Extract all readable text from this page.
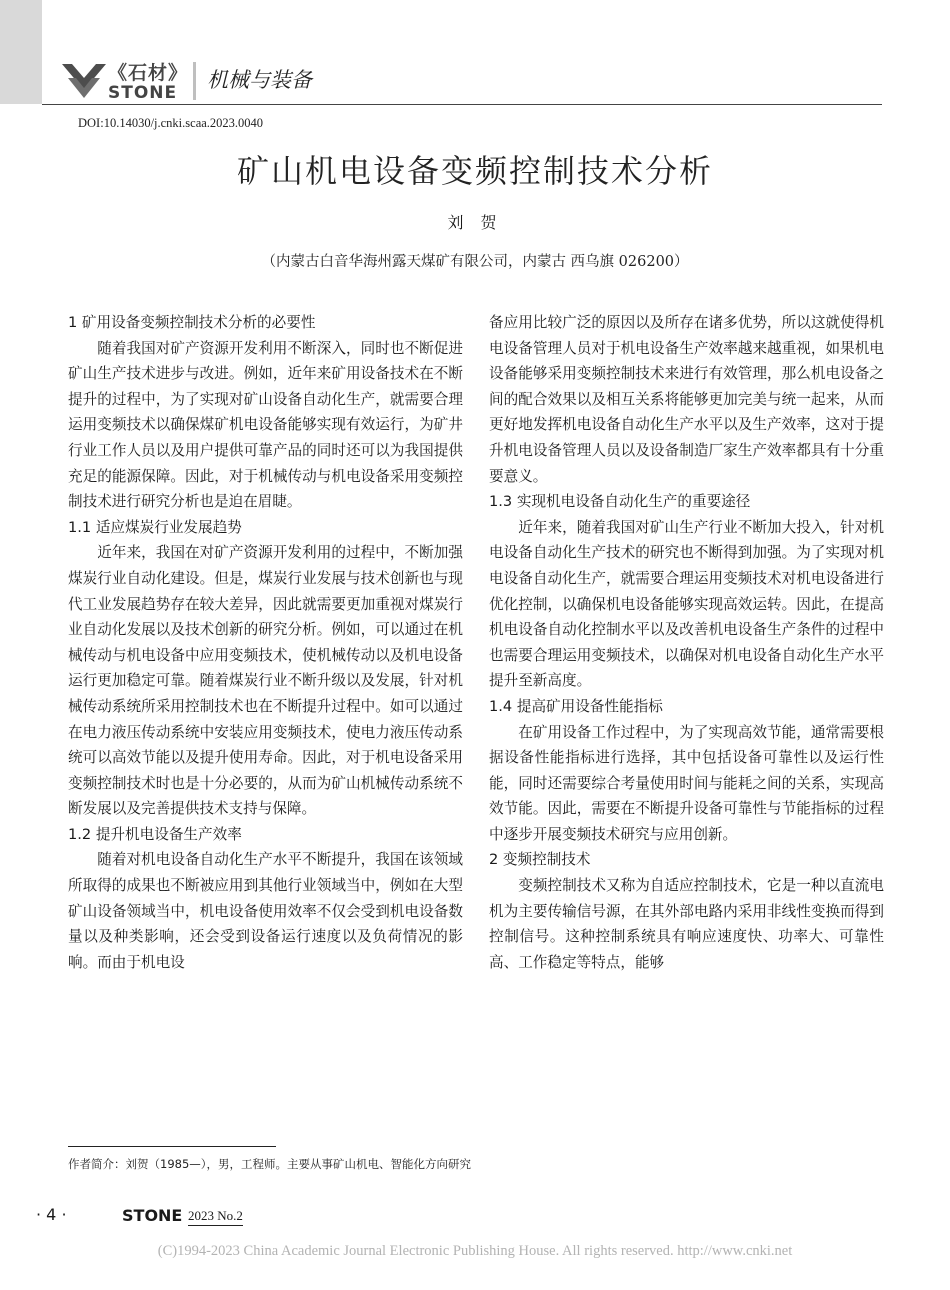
《石材》
STONE
机械与装备
DOI:10.14030/j.cnki.scaa.2023.0040
矿山机电设备变频控制技术分析
刘 贺
（内蒙古白音华海州露天煤矿有限公司，内蒙古 西乌旗 026200）
1 矿用设备变频控制技术分析的必要性

随着我国对矿产资源开发利用不断深入，同时也不断促进矿山生产技术进步与改进。例如，近年来矿用设备技术在不断提升的过程中，为了实现对矿山设备自动化生产，就需要合理运用变频技术以确保煤矿机电设备能够实现有效运行，为矿井行业工作人员以及用户提供可靠产品的同时还可以为我国提供充足的能源保障。因此，对于机械传动与机电设备采用变频控制技术进行研究分析也是迫在眉睫。

1.1 适应煤炭行业发展趋势

近年来，我国在对矿产资源开发利用的过程中，不断加强煤炭行业自动化建设。但是，煤炭行业发展与技术创新也与现代工业发展趋势存在较大差异，因此就需要更加重视对煤炭行业自动化发展以及技术创新的研究分析。例如，可以通过在机械传动与机电设备中应用变频技术，使机械传动以及机电设备运行更加稳定可靠。随着煤炭行业不断升级以及发展，针对机械传动系统所采用控制技术也在不断提升过程中。如可以通过在电力液压传动系统中安装应用变频技术，使电力液压传动系统可以高效节能以及提升使用寿命。因此，对于机电设备采用变频控制技术时也是十分必要的，从而为矿山机械传动系统不断发展以及完善提供技术支持与保障。

1.2 提升机电设备生产效率

随着对机电设备自动化生产水平不断提升，我国在该领域所取得的成果也不断被应用到其他行业领域当中，例如在大型矿山设备领域当中，机电设备使用效率不仅会受到机电设备数量以及种类影响，还会受到设备运行速度以及负荷情况的影响。而由于机电设

备应用比较广泛的原因以及所存在诸多优势，所以这就使得机电设备管理人员对于机电设备生产效率越来越重视，如果机电设备能够采用变频控制技术来进行有效管理，那么机电设备之间的配合效果以及相互关系将能够更加完美与统一起来，从而更好地发挥机电设备自动化生产水平以及生产效率，这对于提升机电设备管理人员以及设备制造厂家生产效率都具有十分重要意义。

1.3 实现机电设备自动化生产的重要途径

近年来，随着我国对矿山生产行业不断加大投入，针对机电设备自动化生产技术的研究也不断得到加强。为了实现对机电设备自动化生产，就需要合理运用变频技术对机电设备进行优化控制，以确保机电设备能够实现高效运转。因此，在提高机电设备自动化控制水平以及改善机电设备生产条件的过程中也需要合理运用变频技术，以确保对机电设备自动化生产水平提升至新高度。

1.4 提高矿用设备性能指标

在矿用设备工作过程中，为了实现高效节能，通常需要根据设备性能指标进行选择，其中包括设备可靠性以及运行性能，同时还需要综合考量使用时间与能耗之间的关系，实现高效节能。因此，需要在不断提升设备可靠性与节能指标的过程中逐步开展变频技术研究与应用创新。

2 变频控制技术

变频控制技术又称为自适应控制技术，它是一种以直流电机为主要传输信号源，在其外部电路内采用非线性变换而得到控制信号。这种控制系统具有响应速度快、功率大、可靠性高、工作稳定等特点，能够

作者简介：刘贺（1985—），男，工程师。主要从事矿山机电、智能化方向研究
· 4 ·	STONE 2023 No.2
(C)1994-2023 China Academic Journal Electronic Publishing House. All rights reserved. http://www.cnki.net
